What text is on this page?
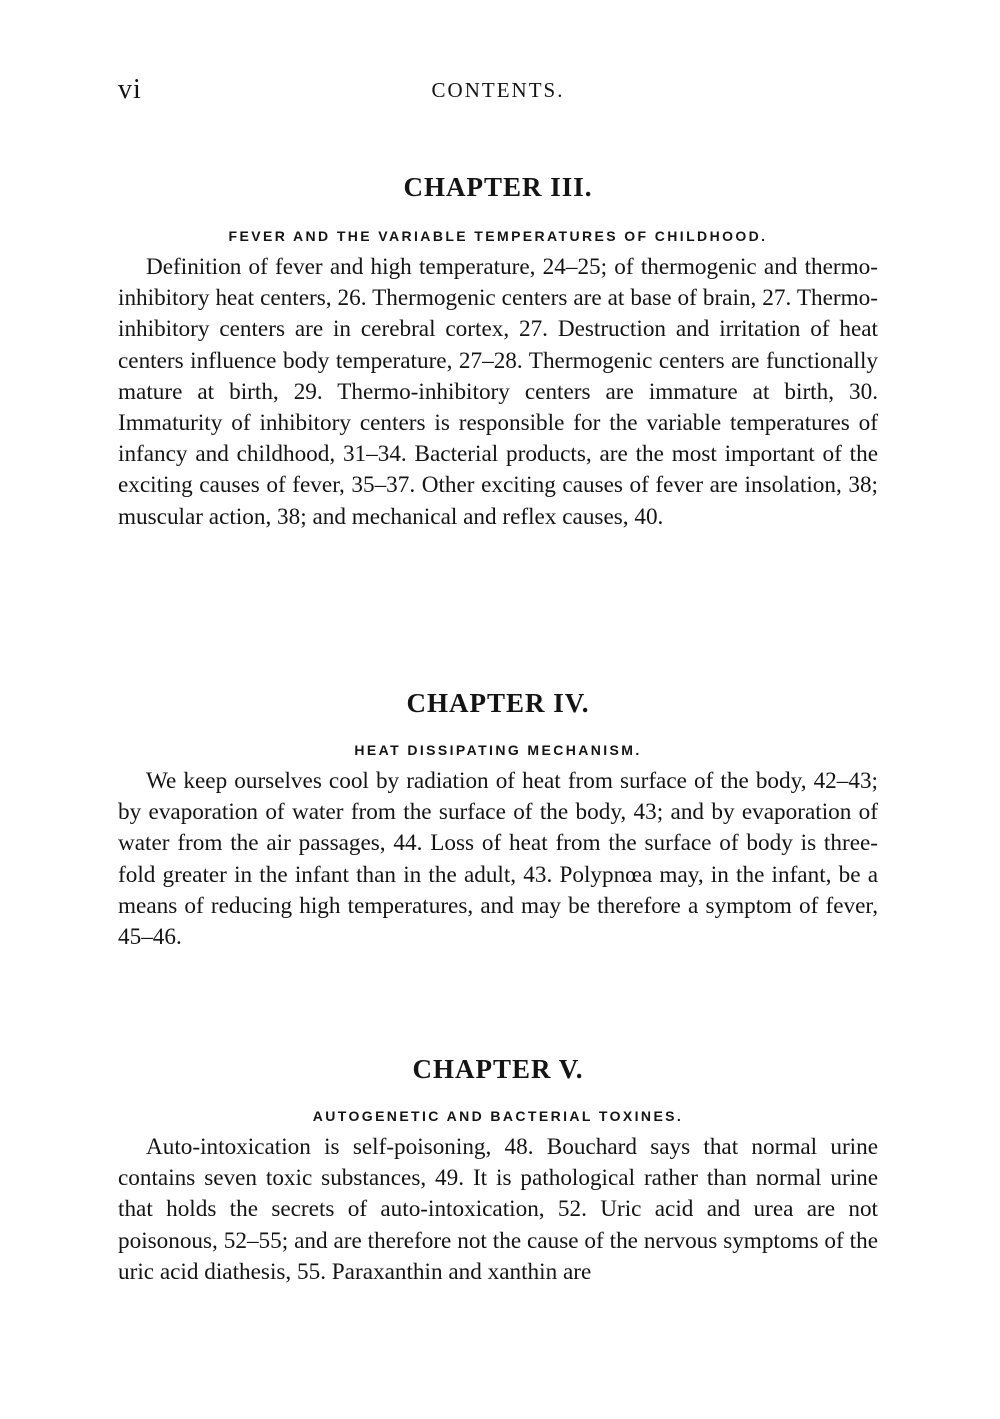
vi	CONTENTS.
CHAPTER III.
FEVER AND THE VARIABLE TEMPERATURES OF CHILDHOOD.

Definition of fever and high temperature, 24–25; of thermogenic and thermo-inhibitory heat centers, 26. Thermogenic centers are at base of brain, 27. Thermo-inhibitory centers are in cerebral cortex, 27. Destruction and irritation of heat centers influence body temperature, 27–28. Thermogenic centers are functionally mature at birth, 29. Thermo-inhibitory centers are immature at birth, 30. Immaturity of inhibitory centers is responsible for the variable temperatures of infancy and childhood, 31–34. Bacterial products, are the most important of the exciting causes of fever, 35–37. Other exciting causes of fever are insolation, 38; muscular action, 38; and mechanical and reflex causes, 40.

CHAPTER IV.
HEAT DISSIPATING MECHANISM.

We keep ourselves cool by radiation of heat from surface of the body, 42–43; by evaporation of water from the surface of the body, 43; and by evaporation of water from the air passages, 44. Loss of heat from the surface of body is three-fold greater in the infant than in the adult, 43. Polypnœa may, in the infant, be a means of reducing high temperatures, and may be therefore a symptom of fever, 45–46.

CHAPTER V.
AUTOGENETIC AND BACTERIAL TOXINES.

Auto-intoxication is self-poisoning, 48. Bouchard says that normal urine contains seven toxic substances, 49. It is pathological rather than normal urine that holds the secrets of auto-intoxication, 52. Uric acid and urea are not poisonous, 52–55; and are therefore not the cause of the nervous symptoms of the uric acid diathesis, 55. Paraxanthin and xanthin are
